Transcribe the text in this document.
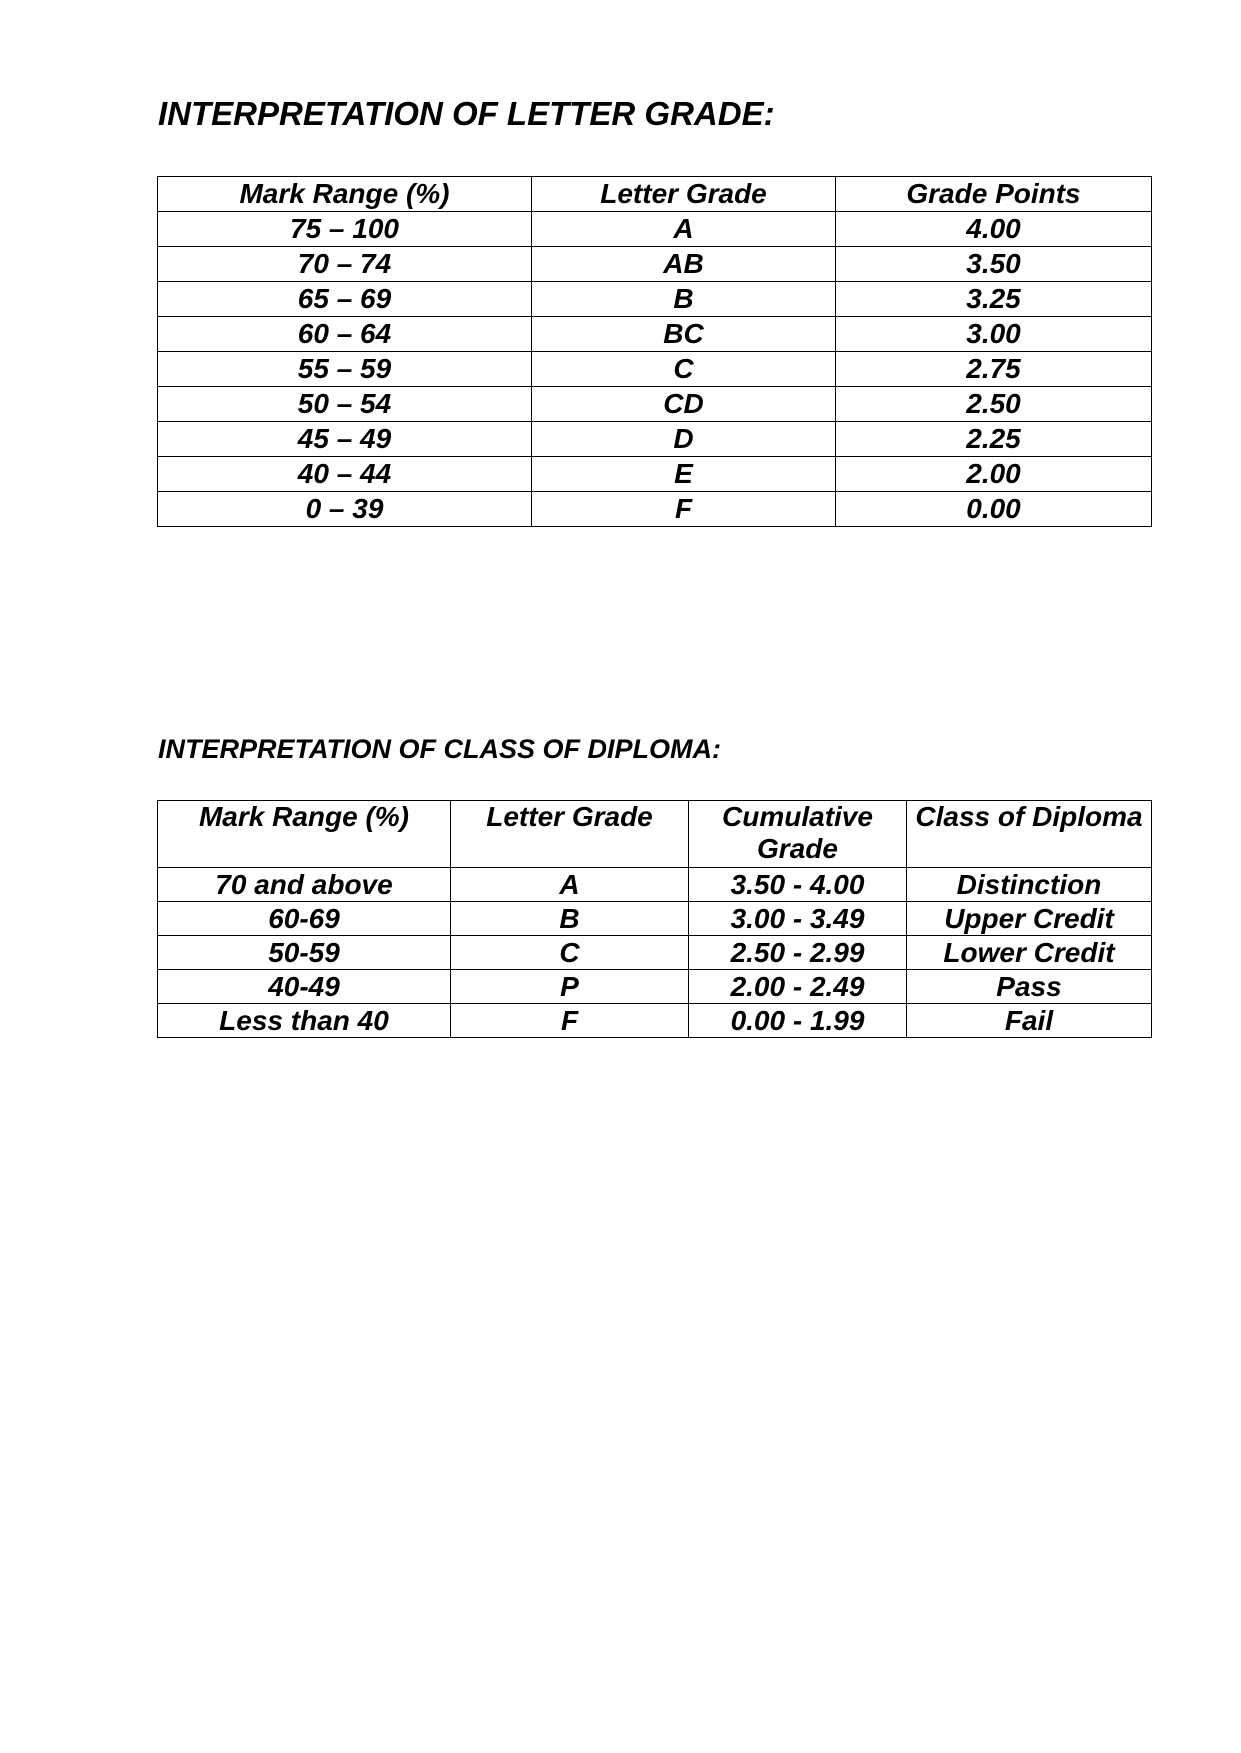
INTERPRETATION OF LETTER GRADE:
Mark Range (%)	Letter Grade	Grade Points
75 – 100	A	4.00
70 – 74	AB	3.50
65 – 69	B	3.25
60 – 64	BC	3.00
55 – 59	C	2.75
50 – 54	CD	2.50
45 – 49	D	2.25
40 – 44	E	2.00
0 – 39	F	0.00
INTERPRETATION OF CLASS OF DIPLOMA:
Mark Range (%)	Letter Grade	Cumulative Grade	Class of Diploma
70 and above	A	3.50 - 4.00	Distinction
60-69	B	3.00 - 3.49	Upper Credit
50-59	C	2.50 - 2.99	Lower Credit
40-49	P	2.00 - 2.49	Pass
Less than 40	F	0.00 - 1.99	Fail
